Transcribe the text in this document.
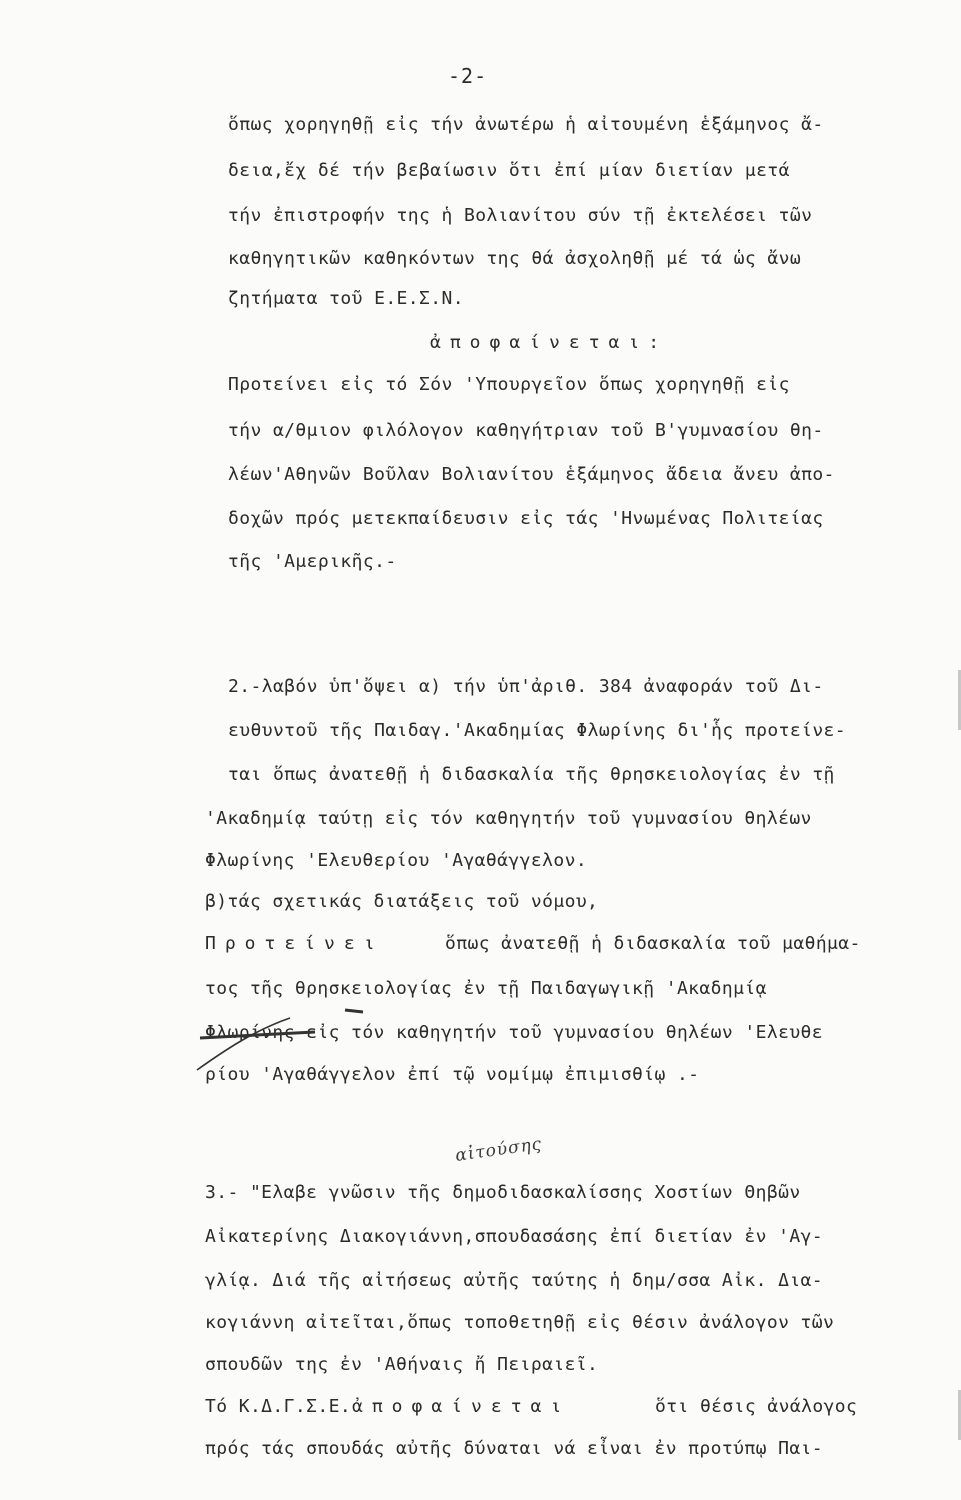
-2-
ὅπως χορηγηθῇ εἰς τήν ἀνωτέρω ἡ αἰτουμένη ἑξάμηνος ἄ-
δεια,ἔχ δέ τήν βεβαίωσιν ὅτι ἐπί μίαν διετίαν μετά
τήν ἐπιστροφήν της ἡ Βολιανίτου σύν τῇ ἐκτελέσει τῶν
καθηγητικῶν καθηκόντων της θά ἀσχοληθῇ μέ τά ὡς ἄνω
ζητήματα τοῦ Ε.Ε.Σ.Ν.
ἀποφαίνεται:
Προτείνει εἰς τό Σόν 'Υπουργεῖον ὅπως χορηγηθῇ εἰς
τήν α/θμιον φιλόλογον καθηγήτριαν τοῦ Β'γυμνασίου θη-
λέων'Αθηνῶν Βοῦλαν Βολιανίτου ἑξάμηνος ἄδεια ἄνευ ἀπο-
δοχῶν πρός μετεκπαίδευσιν εἰς τάς 'Ηνωμένας Πολιτείας
τῆς 'Αμερικῆς.-
2.-λαβόν ὑπ'ὄψει α) τήν ὑπ'ἀριθ. 384 ἀναφοράν τοῦ Δι-
ευθυντοῦ τῆς Παιδαγ.'Ακαδημίας Φλωρίνης δι'ἧς προτείνε-
ται ὅπως ἀνατεθῇ ἡ διδασκαλία τῆς θρησκειολογίας ἐν τῇ
'Ακαδημίᾳ ταύτῃ εἰς τόν καθηγητήν τοῦ γυμνασίου θηλέων
Φλωρίνης 'Ελευθερίου 'Αγαθάγγελον.
β)τάς σχετικάς διατάξεις τοῦ νόμου,
Προτείνει	ὅπως ἀνατεθῇ ἡ διδασκαλία τοῦ μαθήμα-
τος τῆς θρησκειολογίας ἐν τῇ Παιδαγωγικῇ 'Ακαδημίᾳ
Φλωρίνης εἰς τόν καθηγητήν τοῦ γυμνασίου θηλέων 'Ελευθε
ρίου 'Αγαθάγγελον ἐπί τῷ νομίμῳ ἐπιμισθίῳ .-
αἰτούσης
3.- "Ελαβε γνῶσιν τῆς δημοδιδασκαλίσσης Χοστίων Θηβῶν
Αἰκατερίνης Διακογιάννη,σπουδασάσης ἐπί διετίαν ἐν 'Αγ-
γλίᾳ. Διά τῆς αἰτήσεως αὐτῆς ταύτης ἡ δημ/σσα Αἰκ. Δια-
κογιάννη αἰτεῖται,ὅπως τοποθετηθῇ εἰς θέσιν ἀνάλογον τῶν
σπουδῶν της ἐν 'Αθήναις ἤ Πειραιεῖ.
Τό Κ.Δ.Γ.Σ.Ε. ἀποφαίνεται	ὅτι θέσις ἀνάλογος
πρός τάς σπουδάς αὐτῆς δύναται νά εἶναι ἐν προτύπῳ Παι-
